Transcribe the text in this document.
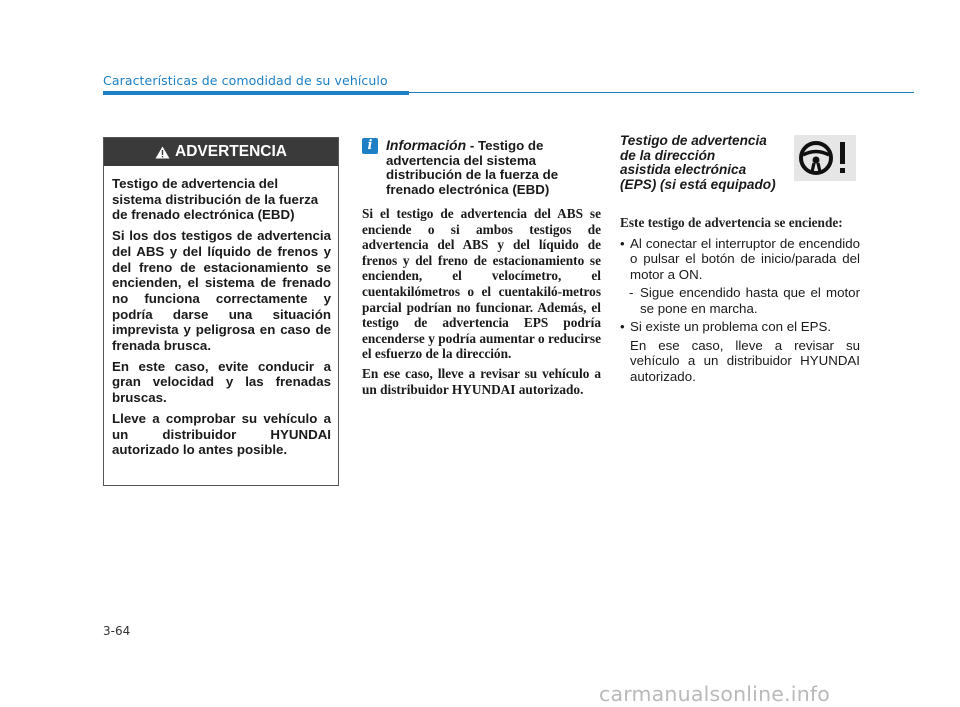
Características de comodidad de su vehículo
ADVERTENCIA

Testigo de advertencia del sistema distribución de la fuerza de frenado electrónica (EBD)

Si los dos testigos de advertencia del ABS y del líquido de frenos y del freno de estacionamiento se encienden, el sistema de frenado no funciona correctamente y podría darse una situación imprevista y peligrosa en caso de frenada brusca.

En este caso, evite conducir a gran velocidad y las frenadas bruscas.

Lleve a comprobar su vehículo a un distribuidor HYUNDAI autorizado lo antes posible.

i Información - Testigo de advertencia del sistema distribución de la fuerza de frenado electrónica (EBD)

Si el testigo de advertencia del ABS se enciende o si ambos testigos de advertencia del ABS y del líquido de frenos y del freno de estacionamiento se encienden, el velocímetro, el cuentakilómetros o el cuentakiló-metros parcial podrían no funcionar. Además, el testigo de advertencia EPS podría encenderse y podría aumentar o reducirse el esfuerzo de la dirección.

En ese caso, lleve a revisar su vehículo a un distribuidor HYUNDAI autorizado.

Testigo de advertencia
de la dirección
asistida electrónica
(EPS) (si está equipado)
Este testigo de advertencia se enciende:
• Al conectar el interruptor de encendido o pulsar el botón de inicio/parada del motor a ON.
- Sigue encendido hasta que el motor se pone en marcha.
• Si existe un problema con el EPS.
En ese caso, lleve a revisar su vehículo a un distribuidor HYUNDAI autorizado.
3-64
carmanualsonline.info
